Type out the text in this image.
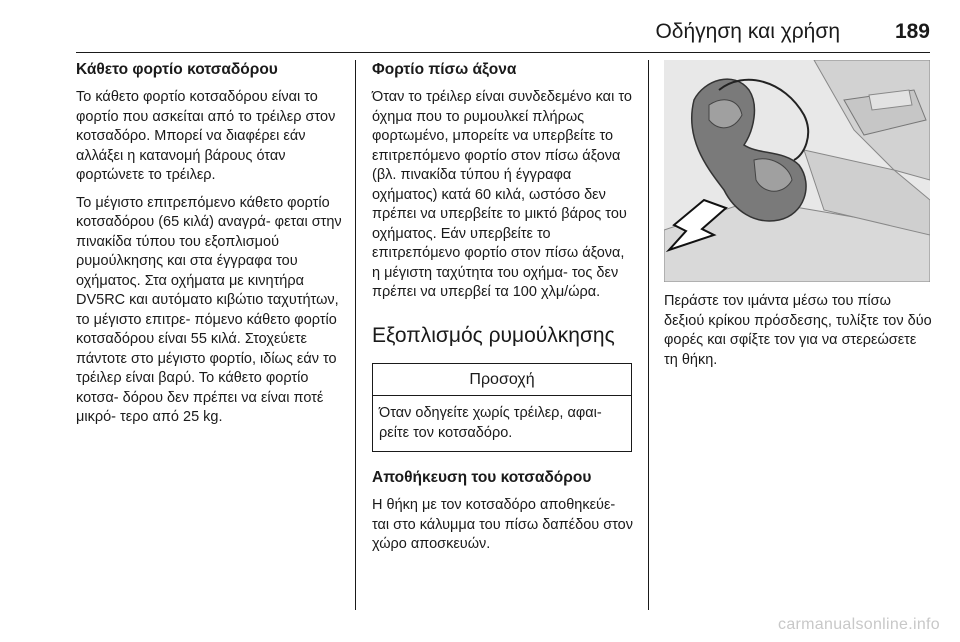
Οδήγηση και χρήση	189
Κάθετο φορτίο κοτσαδόρου

Το κάθετο φορτίο κοτσαδόρου είναι το φορτίο που ασκείται από το τρέιλερ στον κοτσαδόρο. Μπορεί να διαφέρει εάν αλλάξει η κατανομή βάρους όταν φορτώνετε το τρέιλερ.

Το μέγιστο επιτρεπόμενο κάθετο φορτίο κοτσαδόρου (65 κιλά) αναγρά‐ φεται στην πινακίδα τύπου του εξοπλισμού ρυμούλκησης και στα έγγραφα του οχήματος. Στα οχήματα με κινητήρα DV5RC και αυτόματο κιβώτιο ταχυτήτων, το μέγιστο επιτρε‐ πόμενο κάθετο φορτίο κοτσαδόρου είναι 55 κιλά. Στοχεύετε πάντοτε στο μέγιστο φορτίο, ιδίως εάν το τρέιλερ είναι βαρύ. Το κάθετο φορτίο κοτσα‐ δόρου δεν πρέπει να είναι ποτέ μικρό‐ τερο από 25 kg.

Φορτίο πίσω άξονα

Όταν το τρέιλερ είναι συνδεδεμένο και το όχημα που το ρυμουλκεί πλήρως φορτωμένο, μπορείτε να υπερβείτε το επιτρεπόμενο φορτίο στον πίσω άξονα (βλ. πινακίδα τύπου ή έγγραφα οχήματος) κατά 60 κιλά, ωστόσο δεν πρέπει να υπερβείτε το μικτό βάρος του οχήματος. Εάν υπερβείτε το επιτρεπόμενο φορτίο στον πίσω άξονα, η μέγιστη ταχύτητα του οχήμα‐ τος δεν πρέπει να υπερβεί τα 100 χλμ/ώρα.

Εξοπλισμός ρυμούλκησης
Προσοχή
Όταν οδηγείτε χωρίς τρέιλερ, αφαι‐ ρείτε τον κοτσαδόρο.
Αποθήκευση του κοτσαδόρου

Η θήκη με τον κοτσαδόρο αποθηκεύε‐ ται στο κάλυμμα του πίσω δαπέδου στον χώρο αποσκευών.

Περάστε τον ιμάντα μέσω του πίσω δεξιού κρίκου πρόσδεσης, τυλίξτε τον δύο φορές και σφίξτε τον για να στερεώσετε τη θήκη.

carmanualsonline.info
